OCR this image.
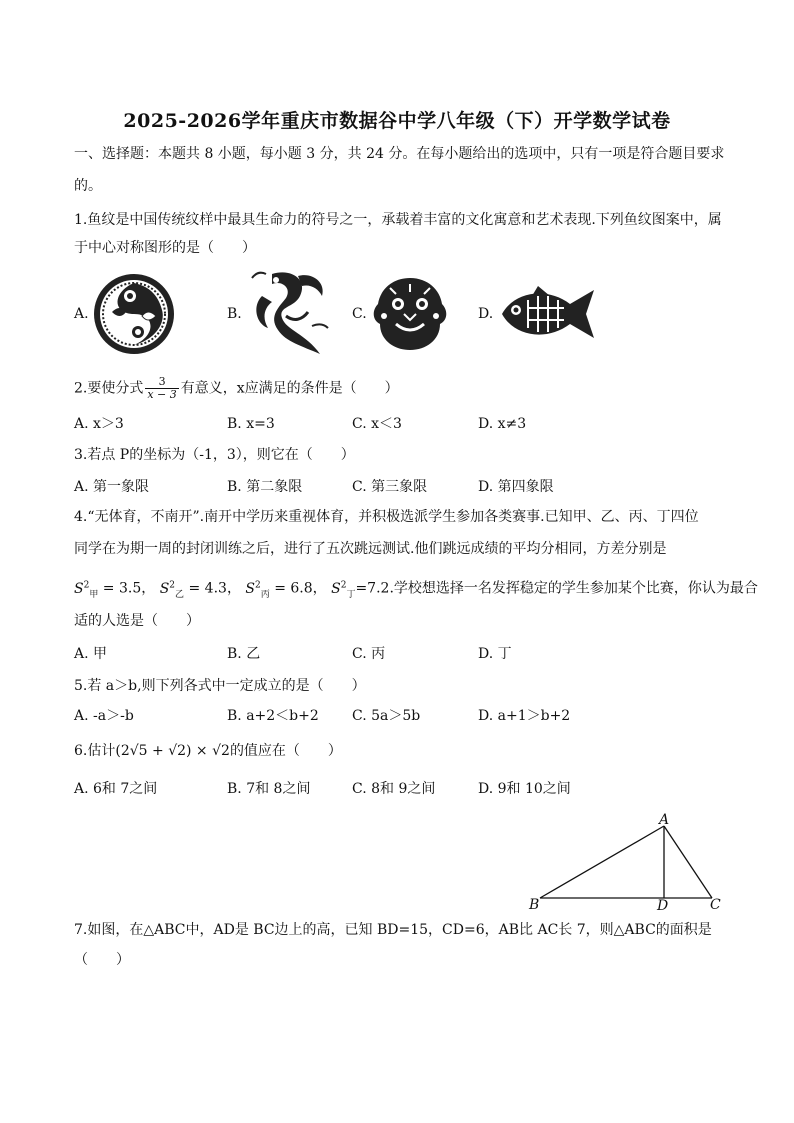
2025-2026学年重庆市数据谷中学八年级（下）开学数学试卷
一、选择题：本题共 8 小题，每小题 3 分，共 24 分。在每小题给出的选项中，只有一项是符合题目要求
的。
1.鱼纹是中国传统纹样中最具生命力的符号之一，承载着丰富的文化寓意和艺术表现.下列鱼纹图案中，属
于中心对称图形的是（　　）
A.	B.	C.	D.
2.要使分式 $\frac{3}{x - 3}$ 有意义，x应满足的条件是（　　）
A. x＞3	B. x=3	C. x＜3	D. x≠3
3.若点 P的坐标为（-1，3），则它在（　　）
A. 第一象限	B. 第二象限	C. 第三象限	D. 第四象限
4.“无体育，不南开”.南开中学历来重视体育，并积极选派学生参加各类赛事.已知甲、乙、丙、丁四位
同学在为期一周的封闭训练之后，进行了五次跳远测试.他们跳远成绩的平均分相同，方差分别是
$S^2_甲 = 3.5$， $S^2_乙 = 4.3$， $S^2_丙 = 6.8$， $S^2_丁=7.2$.学校想选择一名发挥稳定的学生参加某个比赛，你认为最合
适的人选是（　　）
A. 甲	B. 乙	C. 丙	D. 丁
5.若 a＞b,则下列各式中一定成立的是（　　）
A. -a＞-b	B. a+2＜b+2 C. 5a＞5b	D. a+1＞b+2
6.估计(2√5 + √2) × √2的值应在（　　）
A. 6和 7之间	B. 7和 8之间	C. 8和 9之间	D. 9和 10之间
A
B	D	C
7.如图，在△ABC中，AD是 BC边上的高，已知 BD=15，CD=6，AB比 AC长 7，则△ABC的面积是
（　　）
